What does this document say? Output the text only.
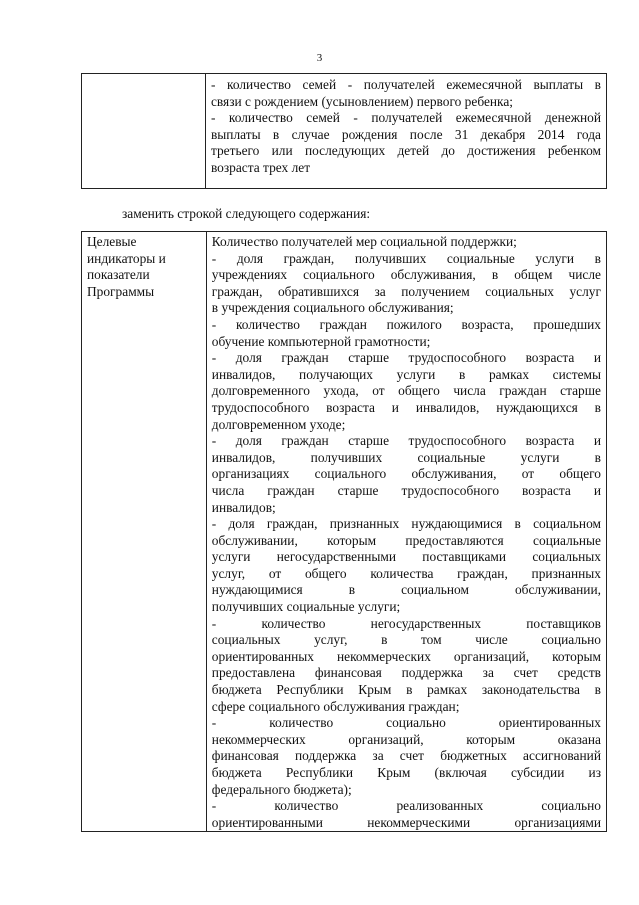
3

- количество семей - получателей ежемесячной выплаты в
связи с рождением (усыновлением) первого ребенка;
- количество семей - получателей ежемесячной денежной
выплаты в случае рождения после 31 декабря 2014 года
третьего или последующих детей до достижения ребенком
возраста трех лет
заменить строкой следующего содержания:
Целевые
индикаторы и
показатели
Программы

Количество получателей мер социальной поддержки;
- доля граждан, получивших социальные услуги в
учреждениях социального обслуживания, в общем числе
граждан, обратившихся за получением социальных услуг
в учреждения социального обслуживания;
- количество граждан пожилого возраста, прошедших
обучение компьютерной грамотности;
- доля граждан старше трудоспособного возраста и
инвалидов, получающих услуги в рамках системы
долговременного ухода, от общего числа граждан старше
трудоспособного возраста и инвалидов, нуждающихся в
долговременном уходе;
- доля граждан старше трудоспособного возраста и
инвалидов, получивших социальные услуги в
организациях социального обслуживания, от общего
числа граждан старше трудоспособного возраста и
инвалидов;
- доля граждан, признанных нуждающимися в социальном
обслуживании, которым предоставляются социальные
услуги негосударственными поставщиками социальных
услуг, от общего количества граждан, признанных
нуждающимися в социальном обслуживании,
получивших социальные услуги;
- количество негосударственных поставщиков
социальных услуг, в том числе социально
ориентированных некоммерческих организаций, которым
предоставлена финансовая поддержка за счет средств
бюджета Республики Крым в рамках законодательства в
сфере социального обслуживания граждан;
- количество социально ориентированных
некоммерческих организаций, которым оказана
финансовая поддержка за счет бюджетных ассигнований
бюджета Республики Крым (включая субсидии из
федерального бюджета);
- количество реализованных социально
ориентированными некоммерческими организациями
